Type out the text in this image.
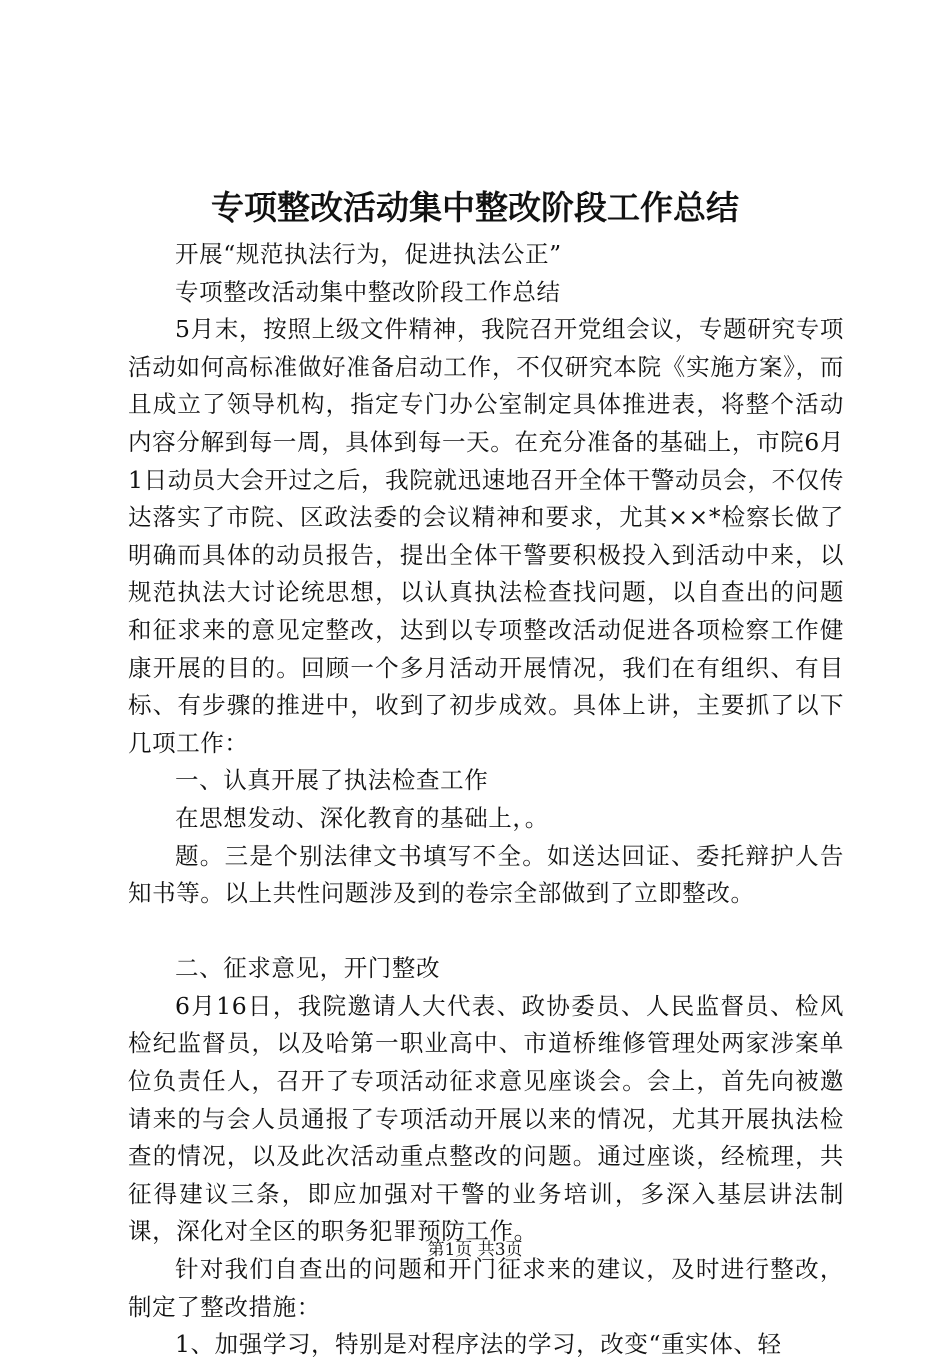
专项整改活动集中整改阶段工作总结

开展“规范执法行为，促进执法公正”

专项整改活动集中整改阶段工作总结

5月末，按照上级文件精神，我院召开党组会议，专题研究专项活动如何高标准做好准备启动工作，不仅研究本院《实施方案》，而且成立了领导机构，指定专门办公室制定具体推进表，将整个活动内容分解到每一周，具体到每一天。在充分准备的基础上，市院6月1日动员大会开过之后，我院就迅速地召开全体干警动员会，不仅传达落实了市院、区政法委的会议精神和要求，尤其××*检察长做了明确而具体的动员报告，提出全体干警要积极投入到活动中来，以规范执法大讨论统思想，以认真执法检查找问题，以自查出的问题和征求来的意见定整改，达到以专项整改活动促进各项检察工作健康开展的目的。回顾一个多月活动开展情况，我们在有组织、有目标、有步骤的推进中，收到了初步成效。具体上讲，主要抓了以下几项工作：

一、认真开展了执法检查工作

在思想发动、深化教育的基础上，。

题。三是个别法律文书填写不全。如送达回证、委托辩护人告知书等。以上共性问题涉及到的卷宗全部做到了立即整改。

二、征求意见，开门整改

6月16日，我院邀请人大代表、政协委员、人民监督员、检风检纪监督员，以及哈第一职业高中、市道桥维修管理处两家涉案单位负责任人，召开了专项活动征求意见座谈会。会上，首先向被邀请来的与会人员通报了专项活动开展以来的情况，尤其开展执法检查的情况，以及此次活动重点整改的问题。通过座谈，经梳理，共征得建议三条，即应加强对干警的业务培训，多深入基层讲法制课，深化对全区的职务犯罪预防工作。

针对我们自查出的问题和开门征求来的建议，及时进行整改，制定了整改措施：

1、加强学习，特别是对程序法的学习，改变“重实体、轻

第1页 共3页
